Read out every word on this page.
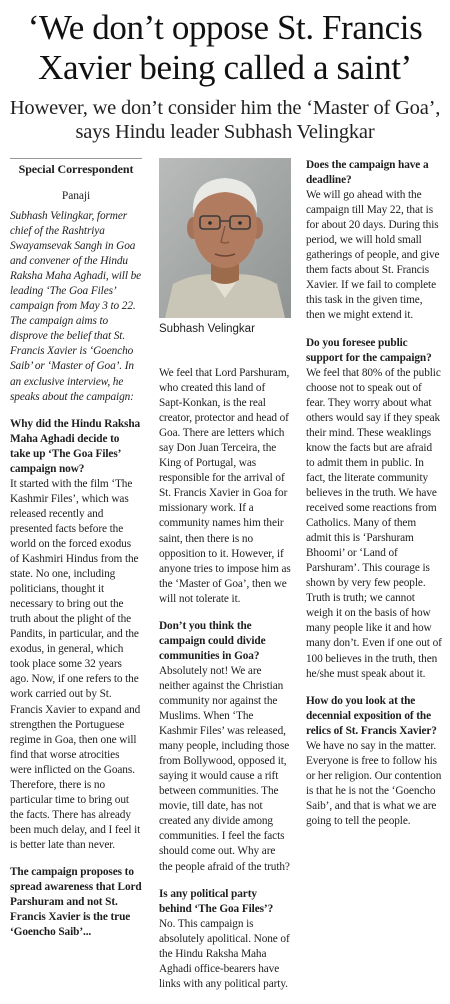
‘We don’t oppose St. Francis Xavier being called a saint’
However, we don’t consider him the ‘Master of Goa’, says Hindu leader Subhash Velingkar

Special Correspondent

Panaji

Subhash Velingkar, former chief of the Rashtriya Swayamsevak Sangh in Goa and convener of the Hindu Raksha Maha Aghadi, will be leading ‘The Goa Files’ campaign from May 3 to 22. The campaign aims to disprove the belief that St. Francis Xavier is ‘Goencho Saib’ or ‘Master of Goa’. In an exclusive interview, he speaks about the campaign:

Why did the Hindu Raksha Maha Aghadi decide to take up ‘The Goa Files’ campaign now?

It started with the film ‘The Kashmir Files’, which was released recently and presented facts before the world on the forced exodus of Kashmiri Hindus from the state. No one, including politicians, thought it necessary to bring out the truth about the plight of the Pandits, in particular, and the exodus, in general, which took place some 32 years ago. Now, if one refers to the work carried out by St. Francis Xavier to expand and strengthen the Portuguese regime in Goa, then one will find that worse atrocities were inflicted on the Goans. Therefore, there is no particular time to bring out the facts. There has already been much delay, and I feel it is better late than never.

The campaign proposes to spread awareness that Lord Parshuram and not St. Francis Xavier is the true ‘Goencho Saib’...

Subhash Velingkar

We feel that Lord Parshuram, who created this land of Sapt-Konkan, is the real creator, protector and head of Goa. There are letters which say Don Juan Terceira, the King of Portugal, was responsible for the arrival of St. Francis Xavier in Goa for missionary work. If a community names him their saint, then there is no opposition to it. However, if anyone tries to impose him as the ‘Master of Goa’, then we will not tolerate it.

Don’t you think the campaign could divide communities in Goa?

Absolutely not! We are neither against the Christian community nor against the Muslims. When ‘The Kashmir Files’ was released, many people, including those from Bollywood, opposed it, saying it would cause a rift between communities. The movie, till date, has not created any divide among communities. I feel the facts should come out. Why are the people afraid of the truth?

Is any political party behind ‘The Goa Files’?

No. This campaign is absolutely apolitical. None of the Hindu Raksha Maha Aghadi office-bearers have links with any political party.

Does the campaign have a deadline?

We will go ahead with the campaign till May 22, that is for about 20 days. During this period, we will hold small gatherings of people, and give them facts about St. Francis Xavier. If we fail to complete this task in the given time, then we might extend it.

Do you foresee public support for the campaign?

We feel that 80% of the public choose not to speak out of fear. They worry about what others would say if they speak their mind. These weaklings know the facts but are afraid to admit them in public. In fact, the literate community believes in the truth. We have received some reactions from Catholics. Many of them admit this is ‘Parshuram Bhoomi’ or ‘Land of Parshuram’. This courage is shown by very few people. Truth is truth; we cannot weigh it on the basis of how many people like it and how many don’t. Even if one out of 100 believes in the truth, then he/she must speak about it.

How do you look at the decennial exposition of the relics of St. Francis Xavier?

We have no say in the matter. Everyone is free to follow his or her religion. Our contention is that he is not the ‘Goencho Saib’, and that is what we are going to tell the people.
